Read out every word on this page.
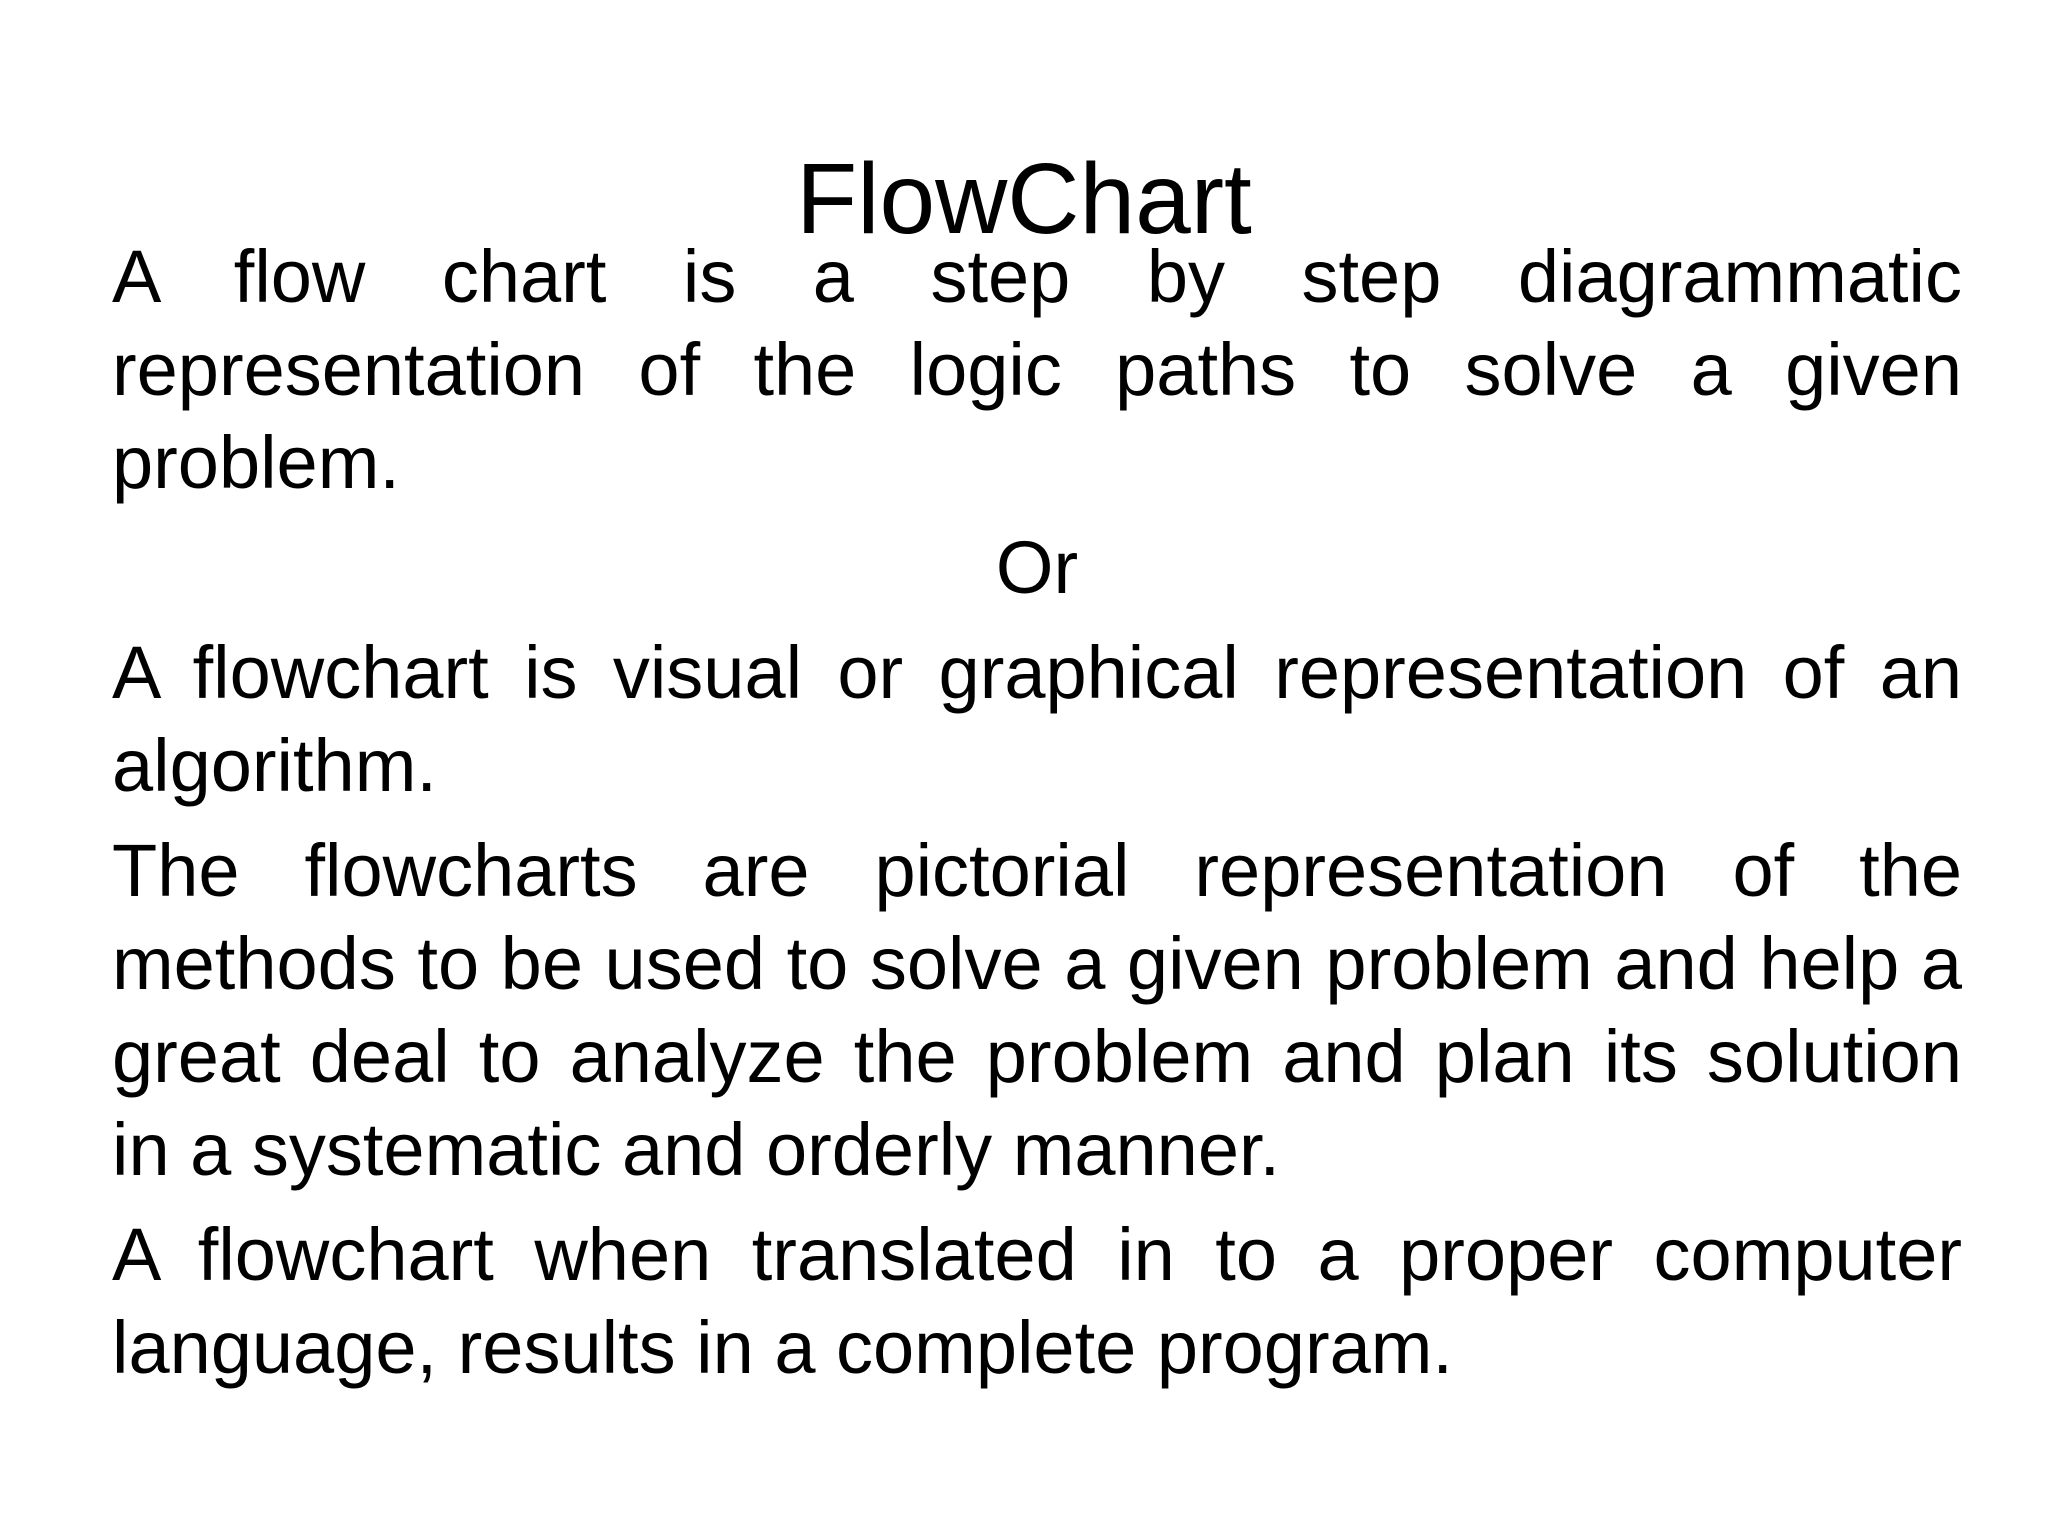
FlowChart

A flow chart is a step by step diagrammatic representation of the logic paths to solve a given problem.

Or

A flowchart is visual or graphical representation of an algorithm.

The flowcharts are pictorial representation of the methods to be used to solve a given problem and help a great deal to analyze the problem and plan its solution in a systematic and orderly manner.

A flowchart when translated in to a proper computer language, results in a complete program.
